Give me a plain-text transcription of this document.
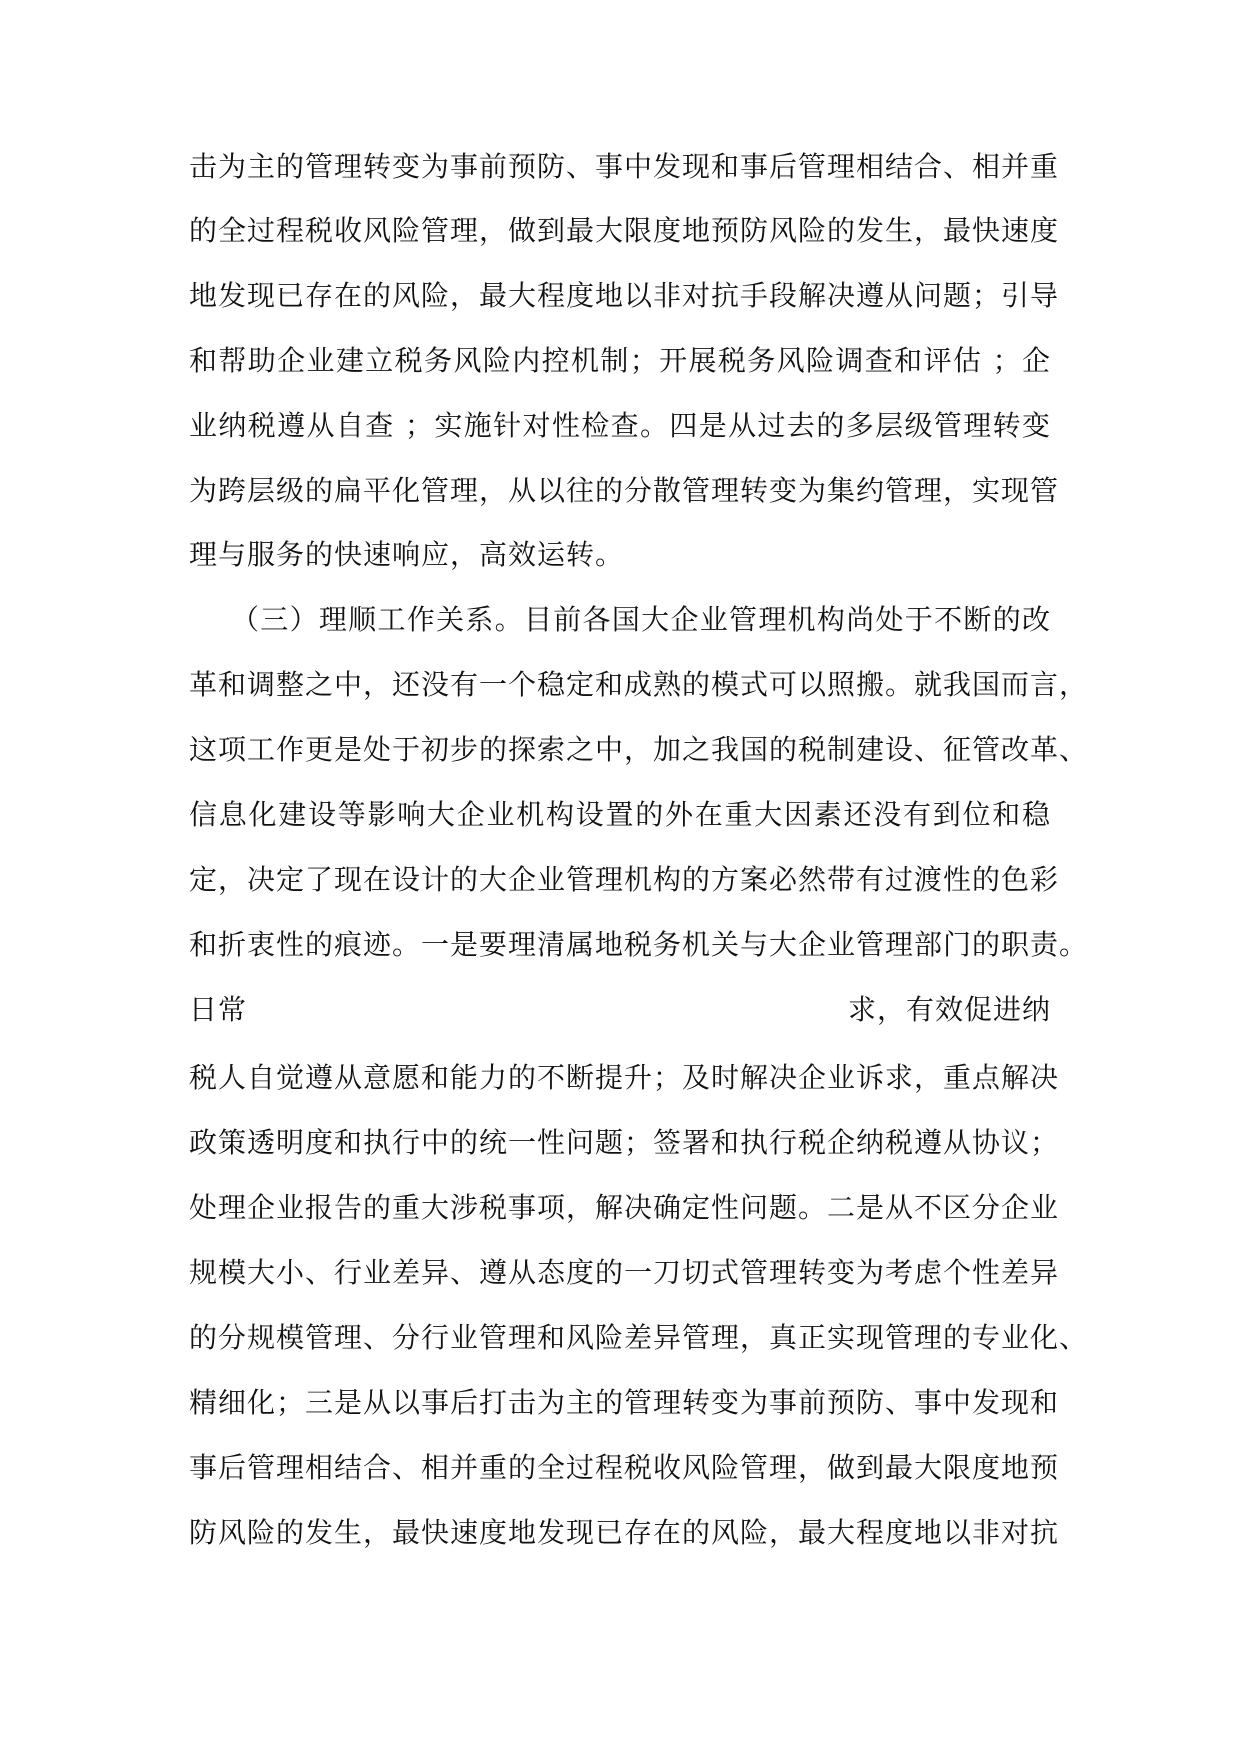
击为主的管理转变为事前预防、事中发现和事后管理相结合、相并重
的全过程税收风险管理，做到最大限度地预防风险的发生，最快速度
地发现已存在的风险，最大程度地以非对抗手段解决遵从问题；引导
和帮助企业建立税务风险内控机制；开展税务风险调查和评估 ；企
业纳税遵从自查 ；实施针对性检查。四是从过去的多层级管理转变
为跨层级的扁平化管理，从以往的分散管理转变为集约管理，实现管
理与服务的快速响应，高效运转。
（三）理顺工作关系。目前各国大企业管理机构尚处于不断的改
革和调整之中，还没有一个稳定和成熟的模式可以照搬。就我国而言，
这项工作更是处于初步的探索之中，加之我国的税制建设、征管改革、
信息化建设等影响大企业机构设置的外在重大因素还没有到位和稳
定，决定了现在设计的大企业管理机构的方案必然带有过渡性的色彩
和折衷性的痕迹。一是要理清属地税务机关与大企业管理部门的职责。
日常	求，有效促进纳
税人自觉遵从意愿和能力的不断提升；及时解决企业诉求，重点解决
政策透明度和执行中的统一性问题；签署和执行税企纳税遵从协议；
处理企业报告的重大涉税事项，解决确定性问题。二是从不区分企业
规模大小、行业差异、遵从态度的一刀切式管理转变为考虑个性差异
的分规模管理、分行业管理和风险差异管理，真正实现管理的专业化、
精细化；三是从以事后打击为主的管理转变为事前预防、事中发现和
事后管理相结合、相并重的全过程税收风险管理，做到最大限度地预
防风险的发生，最快速度地发现已存在的风险，最大程度地以非对抗
